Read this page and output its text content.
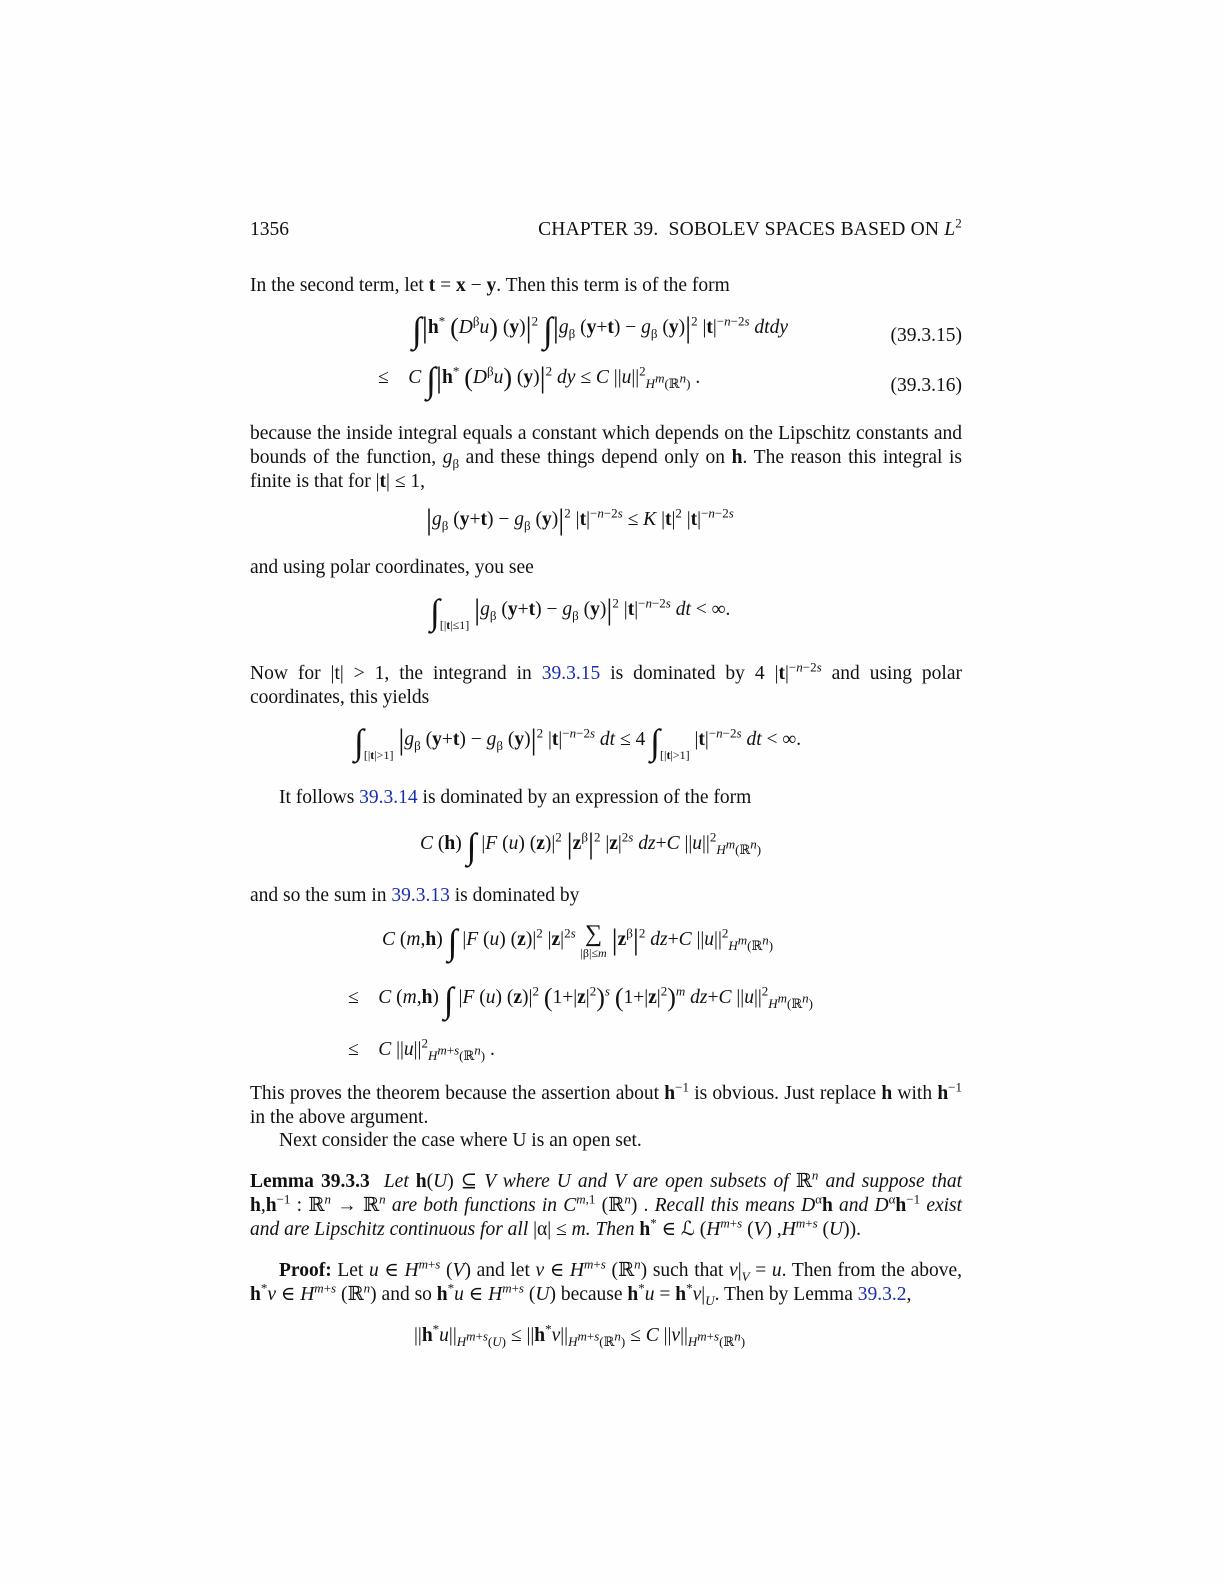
1356	CHAPTER 39.  SOBOLEV SPACES BASED ON $L^2$
In the second term, let t = x − y. Then this term is of the form
∫|h* $(D^\beta u)$ $(y)|^2$ $\int|g_\beta$ $(y+t) - g_\beta$ $(y)|^2$ $|t|^{-n-2s}$ dtdy	(39.3.15)
≤    C ∫|h* $(D^\beta u)$ $(y)|^2$ dy ≤ C $||u||^2_{H^m(ℝ^n)}$ .	(39.3.16)
because the inside integral equals a constant which depends on the Lipschitz constants and bounds of the function, $g_\beta$ and these things depend only on h. The reason this integral is finite is that for |t| ≤ 1,
$|g_\beta$ $(y+t) - g_\beta$ $(y)|^2$ $|t|^{-n-2s} \le K$ $|t|^2$ $|t|^{-n-2s}$
and using polar coordinates, you see
$\int_{[|t|\le 1]}$ $|g_\beta$ $(y+t) - g_\beta$ $(y)|^2$ $|t|^{-n-2s}$ dt < ∞.
Now for |t| > 1, the integrand in 39.3.15 is dominated by 4 $|t|^{-n-2s}$ and using polar coordinates, this yields
$\int_{[|t|>1]}$ $|g_\beta$ $(y+t) - g_\beta$ $(y)|^2$ $|t|^{-n-2s}$ dt ≤ 4 $\int_{[|t|>1]}$ $|t|^{-n-2s}$ dt < ∞.
It follows 39.3.14 is dominated by an expression of the form
C (h) ∫ |F (u) $(z)|^2$ $|z^\beta|^2$ $|z|^{2s}$ dz+C $||u||^2_{H^m(ℝ^n)}$
and so the sum in 39.3.13 is dominated by
C (m,h) ∫ |F (u) $(z)|^2$ $|z|^{2s}$ ∑
|β|≤m $|z^\beta|^2$ dz+C $||u||^2_{H^m(ℝ^n)}$
≤    C (m,h) ∫ |F (u) $(z)|^2$ $(1+|z|^2)^s$ $(1+|z|^2)^m$ dz+C $||u||^2_{H^m(ℝ^n)}$
≤    C $||u||^2_{H^{m+s}(ℝ^n)}$ .
This proves the theorem because the assertion about $h^{-1}$ is obvious. Just replace h with $h^{-1}$ in the above argument.
Next consider the case where U is an open set.
Lemma 39.3.3  Let h(U) ⊆ V where U and V are open subsets of ℝ$^n$ and suppose that $h,h^{-1}$ : ℝ$^n$ → ℝ$^n$ are both functions in C$^{m,1}$ (ℝ$^n$) . Recall this means $D^\alpha h$ and $D^\alpha h^{-1}$ exist and are Lipschitz continuous for all |α| ≤ m. Then h* ∈ ℒ ($H^{m+s}$ (V) $,H^{m+s}$ (U)).
Proof: Let u ∈ $H^{m+s}$ (V) and let v ∈ $H^{m+s}$ (ℝ$^n$) such that $v|_V = u$. Then from the above, h*v ∈ $H^{m+s}$ (ℝ$^n$) and so h*u ∈ $H^{m+s}$ (U) because $h^*u = h^*v|_U$. Then by Lemma 39.3.2,
$||h^*u||_{H^{m+s}(U)} \le ||h^*v||_{H^{m+s}(ℝ^n)} \le C$ $||v||_{H^{m+s}(ℝ^n)}$
